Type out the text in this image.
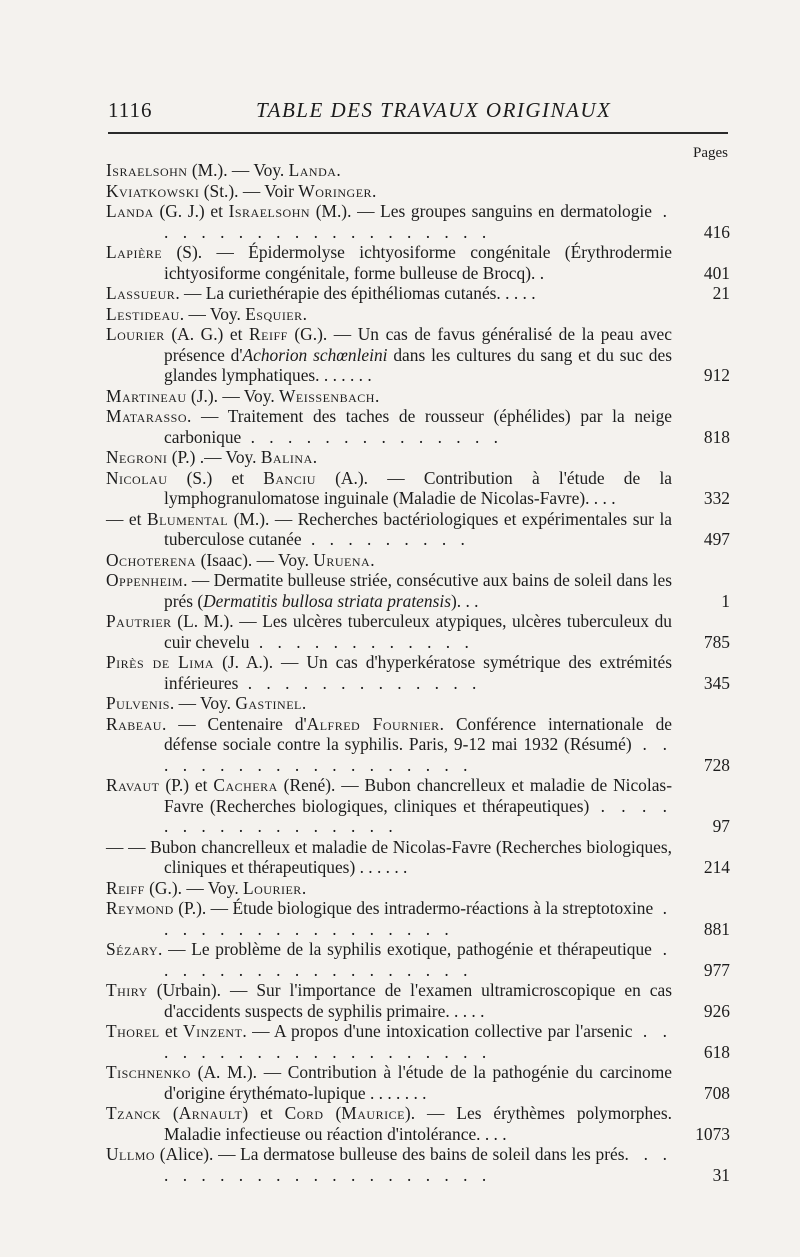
1116	TABLE DES TRAVAUX ORIGINAUX
Pages
Israelsohn (M.). — Voy. Landa.
Kviatkowski (St.). — Voir Woringer.
Landa (G. J.) et Israelsohn (M.). — Les groupes sanguins en dermatologie . . . . . . . . . . . . . . . . . . .	416
Lapière (S). — Épidermolyse ichtyosiforme congénitale (Érythrodermie ichtyosiforme congénitale, forme bulleuse de Brocq). .	401
Lassueur. — La curiethérapie des épithéliomas cutanés. . . . .	21
Lestideau. — Voy. Esquier.
Lourier (A. G.) et Reiff (G.). — Un cas de favus généralisé de la peau avec présence d'Achorion schœnleini dans les cultures du sang et du suc des glandes lymphatiques. . . . . . .	912
Martineau (J.). — Voy. Weissenbach.
Matarasso. — Traitement des taches de rousseur (éphélides) par la neige carbonique . . . . . . . . . . . . . .	818
Negroni (P.) .— Voy. Balina.
Nicolau (S.) et Banciu (A.). — Contribution à l'étude de la lymphogranulomatose inguinale (Maladie de Nicolas-Favre). . . .	332
— et Blumental (M.). — Recherches bactériologiques et expérimentales sur la tuberculose cutanée . . . . . . . . .	497
Ochoterena (Isaac). — Voy. Uruena.
Oppenheim. — Dermatite bulleuse striée, consécutive aux bains de soleil dans les prés (Dermatitis bullosa striata pratensis). . .	1
Pautrier (L. M.). — Les ulcères tuberculeux atypiques, ulcères tuberculeux du cuir chevelu . . . . . . . . . . . .	785
Pirès de Lima (J. A.). — Un cas d'hyperkératose symétrique des extrémités inférieures . . . . . . . . . . . . .	345
Pulvenis. — Voy. Gastinel.
Rabeau. — Centenaire d'Alfred Fournier. Conférence internationale de défense sociale contre la syphilis. Paris, 9-12 mai 1932 (Résumé) . . . . . . . . . . . . . . . . . . .	728
Ravaut (P.) et Cachera (René). — Bubon chancrelleux et maladie de Nicolas-Favre (Recherches biologiques, cliniques et thérapeutiques) . . . . . . . . . . . . . . . . .	97
— — Bubon chancrelleux et maladie de Nicolas-Favre (Recherches biologiques, cliniques et thérapeutiques) . . . . . .	214
Reiff (G.). — Voy. Lourier.
Reymond (P.). — Étude biologique des intradermo-réactions à la streptotoxine . . . . . . . . . . . . . . . . .	881
Sézary. — Le problème de la syphilis exotique, pathogénie et thérapeutique . . . . . . . . . . . . . . . . . .	977
Thiry (Urbain). — Sur l'importance de l'examen ultramicroscopique en cas d'accidents suspects de syphilis primaire. . . . .	926
Thorel et Vinzent. — A propos d'une intoxication collective par l'arsenic . . . . . . . . . . . . . . . . . . . .	618
Tischnenko (A. M.). — Contribution à l'étude de la pathogénie du carcinome d'origine érythémato-lupique . . . . . . .	708
Tzanck (Arnault) et Cord (Maurice). — Les érythèmes polymorphes. Maladie infectieuse ou réaction d'intolérance. . . .	1073
Ullmo (Alice). — La dermatose bulleuse des bains de soleil dans les prés. . . . . . . . . . . . . . . . . . . . .	31
